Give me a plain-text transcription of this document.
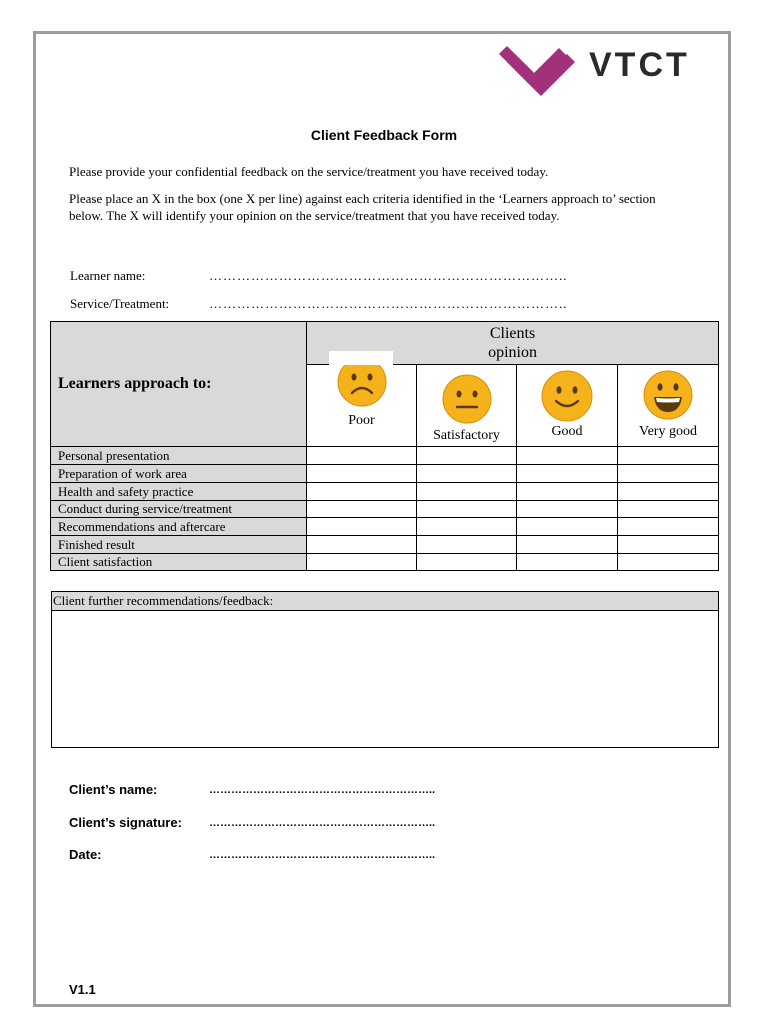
VTCT
Client Feedback Form
Please provide your confidential feedback on the service/treatment you have received today.
Please place an X in the box (one X per line) against each criteria identified in the ‘Learners approach to’ section below. The X will identify your opinion on the service/treatment that you have received today.
Learner name:	…………………………………………………………………..
Service/Treatment:	…………………………………………………………………..
Learners approach to:	Clients
opinion			

	Poor	Satisfactory	Good	Very good

Personal presentation				
Preparation of work area				
Health and safety practice				
Conduct during service/treatment				
Recommendations and aftercare				
Finished result				
Client satisfaction				
Client further recommendations/feedback:
Client’s name:	……………………………………………………..
Client’s signature: ……………………………………………………..
Date:	……………………………………………………..
V1.1
